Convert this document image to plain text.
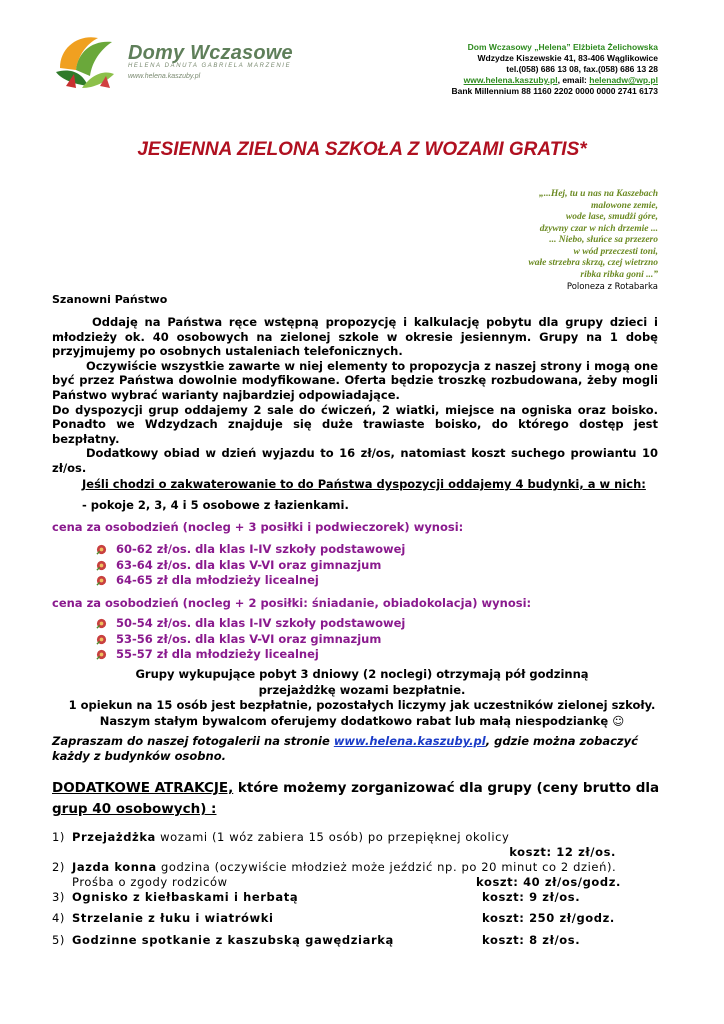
Domy Wczasowe
HELENA DANUTA GABRIELA MARZENIE
www.helena.kaszuby.pl
Dom Wczasowy „Helena” Elżbieta Żelichowska
Wdzydze Kiszewskie 41, 83-406 Wąglikowice
tel.(058) 686 13 08, fax.(058) 686 13 28
www.helena.kaszuby.pl, email: helenadw@wp.pl
Bank Millennium 88 1160 2202 0000 0000 2741 6173
JESIENNA ZIELONA SZKOŁA Z WOZAMI GRATIS*
„...Hej, tu u nas na Kaszebach
malowone zemie,
wode lase, smudżi góre,
dzywny czar w nich drzemie ...
... Niebo, słuńce sa przezero
w wód przeczesti toni,
wałe strzebra skrzą, czej wietrzno
ribka ribka goni ...”
Poloneza z Rotabarka
Szanowni Państwo

Oddaję na Państwa ręce wstępną propozycję i kalkulację pobytu dla grupy dzieci i młodzieży ok. 40 osobowych na zielonej szkole w okresie jesiennym. Grupy na 1 dobę przyjmujemy po osobnych ustaleniach telefonicznych.

Oczywiście wszystkie zawarte w niej elementy to propozycja z naszej strony i mogą one być przez Państwa dowolnie modyfikowane. Oferta będzie troszkę rozbudowana, żeby mogli Państwo wybrać warianty najbardziej odpowiadające.

Do dyspozycji grup oddajemy 2 sale do ćwiczeń, 2 wiatki, miejsce na ogniska oraz boisko. Ponadto we Wdzydzach znajduje się duże trawiaste boisko, do którego dostęp jest bezpłatny.

Dodatkowy obiad w dzień wyjazdu to 16 zł/os, natomiast koszt suchego prowiantu 10 zł/os.

Jeśli chodzi o zakwaterowanie to do Państwa dyspozycji oddajemy 4 budynki, a w nich:
- pokoje 2, 3, 4 i 5 osobowe z łazienkami.
cena za osobodzień (nocleg + 3 posiłki i podwieczorek) wynosi:
60-62 zł/os. dla klas I-IV szkoły podstawowej
63-64 zł/os. dla klas V-VI oraz gimnazjum
64-65 zł dla młodzieży licealnej
cena za osobodzień (nocleg + 2 posiłki: śniadanie, obiadokolacja) wynosi:
50-54 zł/os. dla klas I-IV szkoły podstawowej
53-56 zł/os. dla klas V-VI oraz gimnazjum
55-57 zł dla młodzieży licealnej
Grupy wykupujące pobyt 3 dniowy (2 noclegi) otrzymają pół godzinną
przejażdżkę wozami bezpłatnie.
1 opiekun na 15 osób jest bezpłatnie, pozostałych liczymy jak uczestników zielonej szkoły.
Naszym stałym bywalcom oferujemy dodatkowo rabat lub małą niespodziankę ☺
Zapraszam do naszej fotogalerii na stronie www.helena.kaszuby.pl, gdzie można zobaczyć każdy z budynków osobno.
DODATKOWE ATRAKCJE, które możemy zorganizować dla grupy (ceny brutto dla
grup 40 osobowych) :
1) Przejażdżka wozami (1 wóz zabiera 15 osób) po przepięknej okolicy
koszt: 12 zł/os.
2) Jazda konna godzina (oczywiście młodzież może jeździć np. po 20 minut co 2 dzień).
Prośba o zgody rodziców	koszt: 40 zł/os/godz.
3) Ognisko z kiełbaskami i herbatą	koszt: 9 zł/os.
4) Strzelanie z łuku i wiatrówki	koszt: 250 zł/godz.
5) Godzinne spotkanie z kaszubską gawędziarką	koszt: 8 zł/os.
